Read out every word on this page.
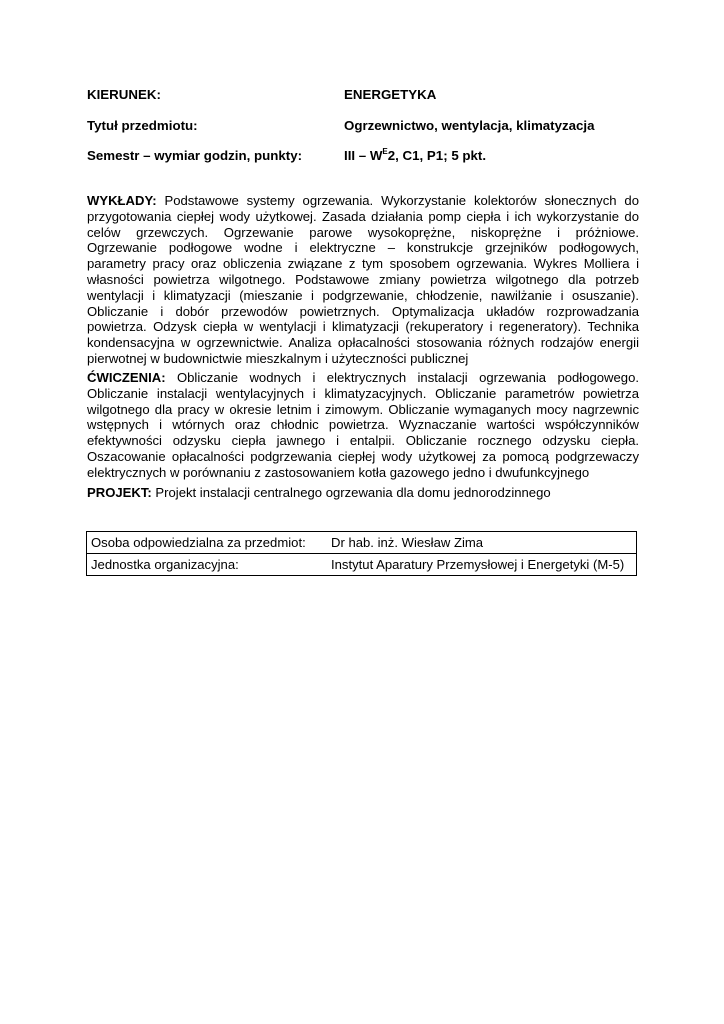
KIERUNEK:	ENERGETYKA
Tytuł przedmiotu:	Ogrzewnictwo, wentylacja, klimatyzacja
Semestr – wymiar godzin, punkty:	III – $W^E2$, C1, P1; 5 pkt.
WYKŁADY: Podstawowe systemy ogrzewania. Wykorzystanie kolektorów słonecznych do
przygotowania ciepłej wody użytkowej. Zasada działania pomp ciepła i ich wykorzystanie do
celów grzewczych. Ogrzewanie parowe wysokoprężne, niskoprężne i próżniowe.
Ogrzewanie podłogowe wodne i elektryczne – konstrukcje grzejników podłogowych,
parametry pracy oraz obliczenia związane z tym sposobem ogrzewania. Wykres Molliera i
własności powietrza wilgotnego. Podstawowe zmiany powietrza wilgotnego dla potrzeb
wentylacji i klimatyzacji (mieszanie i podgrzewanie, chłodzenie, nawilżanie i osuszanie).
Obliczanie i dobór przewodów powietrznych. Optymalizacja układów rozprowadzania
powietrza. Odzysk ciepła w wentylacji i klimatyzacji (rekuperatory i regeneratory). Technika
kondensacyjna w ogrzewnictwie. Analiza opłacalności stosowania różnych rodzajów energii
pierwotnej w budownictwie mieszkalnym i użyteczności publicznej
ĆWICZENIA: Obliczanie wodnych i elektrycznych instalacji ogrzewania podłogowego.
Obliczanie instalacji wentylacyjnych i klimatyzacyjnych. Obliczanie parametrów powietrza
wilgotnego dla pracy w okresie letnim i zimowym. Obliczanie wymaganych mocy nagrzewnic
wstępnych i wtórnych oraz chłodnic powietrza. Wyznaczanie wartości współczynników
efektywności odzysku ciepła jawnego i entalpii. Obliczanie rocznego odzysku ciepła.
Oszacowanie opłacalności podgrzewania ciepłej wody użytkowej za pomocą podgrzewaczy
elektrycznych w porównaniu z zastosowaniem kotła gazowego jedno i dwufunkcyjnego
PROJEKT: Projekt instalacji centralnego ogrzewania dla domu jednorodzinnego
Osoba odpowiedzialna za przedmiot:	Dr hab. inż. Wiesław Zima
Jednostka organizacyjna:	Instytut Aparatury Przemysłowej i Energetyki (M-5)
